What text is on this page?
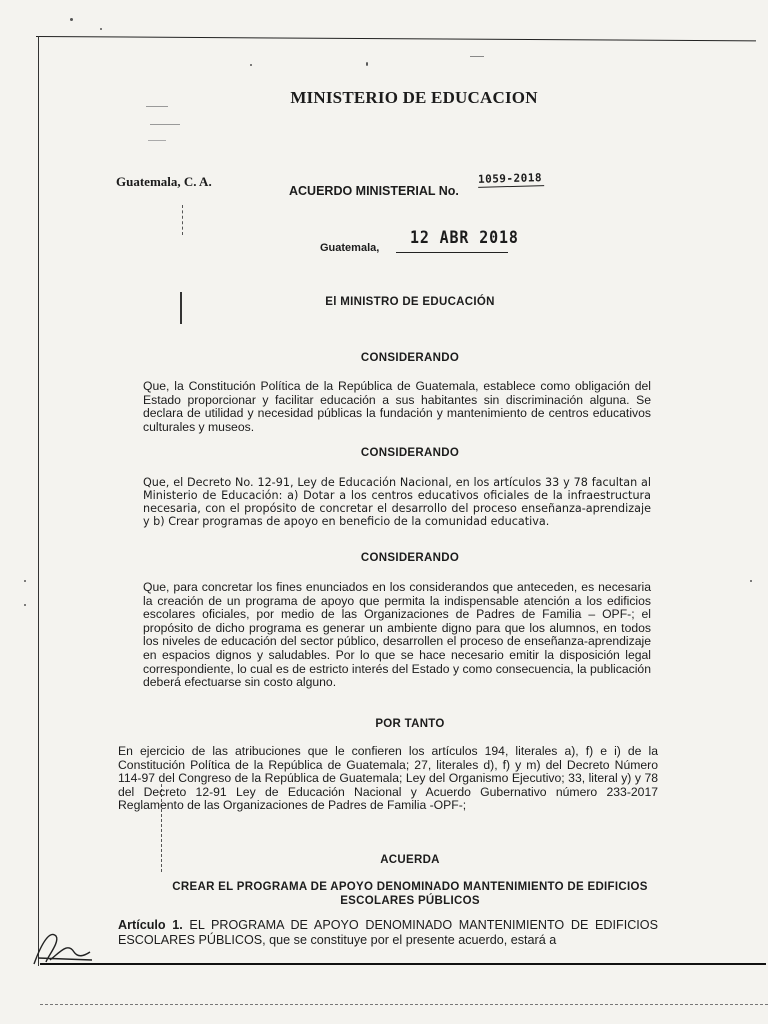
MINISTERIO DE EDUCACION
Guatemala, C. A.
ACUERDO MINISTERIAL No.
1059-2018
Guatemala, 12 ABR 2018
El MINISTRO DE EDUCACIÓN
CONSIDERANDO
Que, la Constitución Política de la República de Guatemala, establece como obligación del Estado proporcionar y facilitar educación a sus habitantes sin discriminación alguna. Se declara de utilidad y necesidad públicas la fundación y mantenimiento de centros educativos culturales y museos.
CONSIDERANDO
Que, el Decreto No. 12-91, Ley de Educación Nacional, en los artículos 33 y 78 facultan al Ministerio de Educación: a) Dotar a los centros educativos oficiales de la infraestructura necesaria, con el propósito de concretar el desarrollo del proceso enseñanza-aprendizaje y b) Crear programas de apoyo en beneficio de la comunidad educativa.
CONSIDERANDO
Que, para concretar los fines enunciados en los considerandos que anteceden, es necesaria la creación de un programa de apoyo que permita la indispensable atención a los edificios escolares oficiales, por medio de las Organizaciones de Padres de Familia – OPF-; el propósito de dicho programa es generar un ambiente digno para que los alumnos, en todos los niveles de educación del sector público, desarrollen el proceso de enseñanza-aprendizaje en espacios dignos y saludables. Por lo que se hace necesario emitir la disposición legal correspondiente, lo cual es de estricto interés del Estado y como consecuencia, la publicación deberá efectuarse sin costo alguno.
POR TANTO
En ejercicio de las atribuciones que le confieren los artículos 194, literales a), f) e i) de la Constitución Política de la República de Guatemala; 27, literales d), f) y m) del Decreto Número 114-97 del Congreso de la República de Guatemala; Ley del Organismo Ejecutivo; 33, literal y) y 78 del Decreto 12-91 Ley de Educación Nacional y Acuerdo Gubernativo número 233-2017 Reglamento de las Organizaciones de Padres de Familia -OPF-;
ACUERDA
CREAR EL PROGRAMA DE APOYO DENOMINADO MANTENIMIENTO DE EDIFICIOS ESCOLARES PÚBLICOS
Artículo 1. EL PROGRAMA DE APOYO DENOMINADO MANTENIMIENTO DE EDIFICIOS ESCOLARES PÚBLICOS, que se constituye por el presente acuerdo, estará a
